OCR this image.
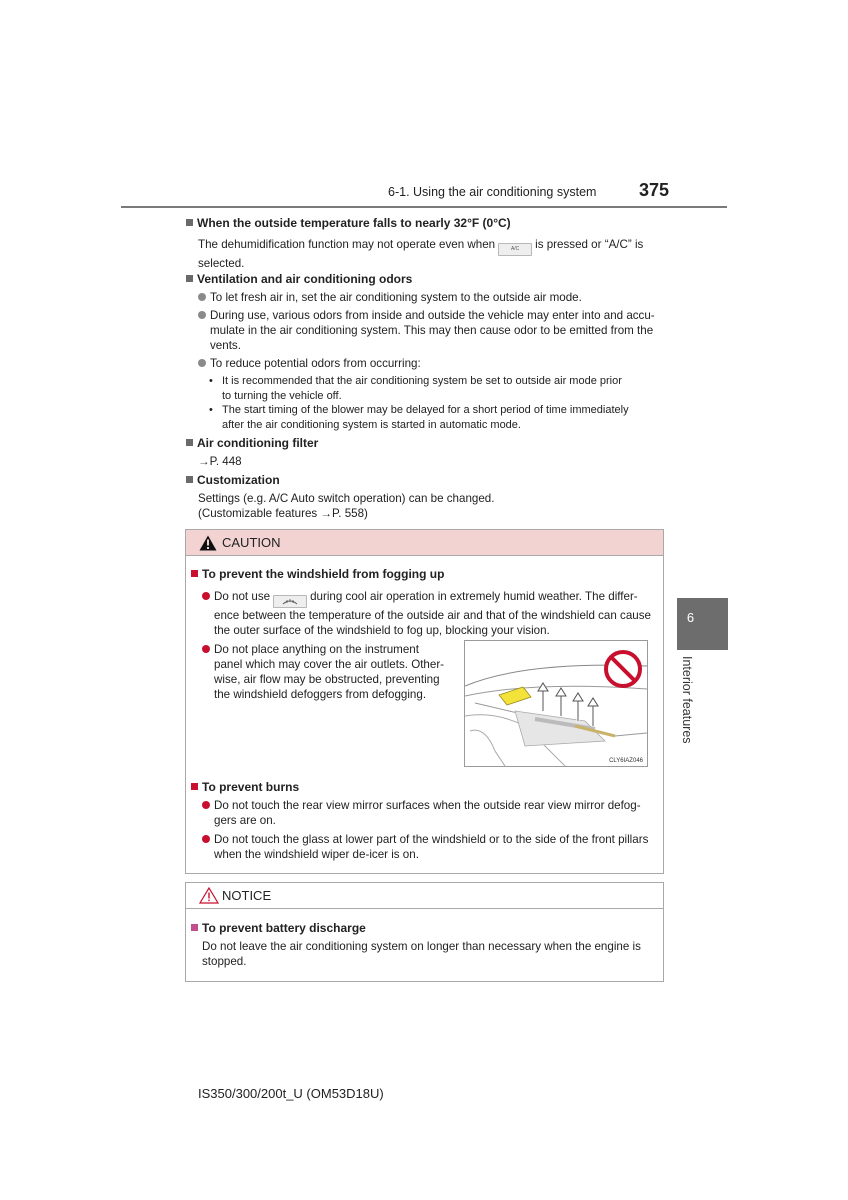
6-1. Using the air conditioning system 375
When the outside temperature falls to nearly 32°F (0°C)
The dehumidification function may not operate even when	A/C is pressed or “A/C” is
selected.
Ventilation and air conditioning odors
To let fresh air in, set the air conditioning system to the outside air mode.
During use, various odors from inside and outside the vehicle may enter into and accu-
mulate in the air conditioning system. This may then cause odor to be emitted from the
vents.
To reduce potential odors from occurring:
• It is recommended that the air conditioning system be set to outside air mode prior
to turning the vehicle off.
• The start timing of the blower may be delayed for a short period of time immediately
after the air conditioning system is started in automatic mode.
Air conditioning filter
→P. 448
Customization
Settings (e.g. A/C Auto switch operation) can be changed.
(Customizable features →P. 558)
CAUTION
To prevent the windshield from fogging up
Do not use	during cool air operation in extremely humid weather. The differ-
ence between the temperature of the outside air and that of the windshield can cause
the outer surface of the windshield to fog up, blocking your vision.
Do not place anything on the instrument
panel which may cover the air outlets. Other-
wise, air flow may be obstructed, preventing
the windshield defoggers from defogging.
To prevent burns
Do not touch the rear view mirror surfaces when the outside rear view mirror defog-
gers are on.
Do not touch the glass at lower part of the windshield or to the side of the front pillars
when the windshield wiper de-icer is on.
CLY6IAZ046
NOTICE
To prevent battery discharge
Do not leave the air conditioning system on longer than necessary when the engine is
stopped.
6
Interior features
IS350/300/200t_U (OM53D18U)
